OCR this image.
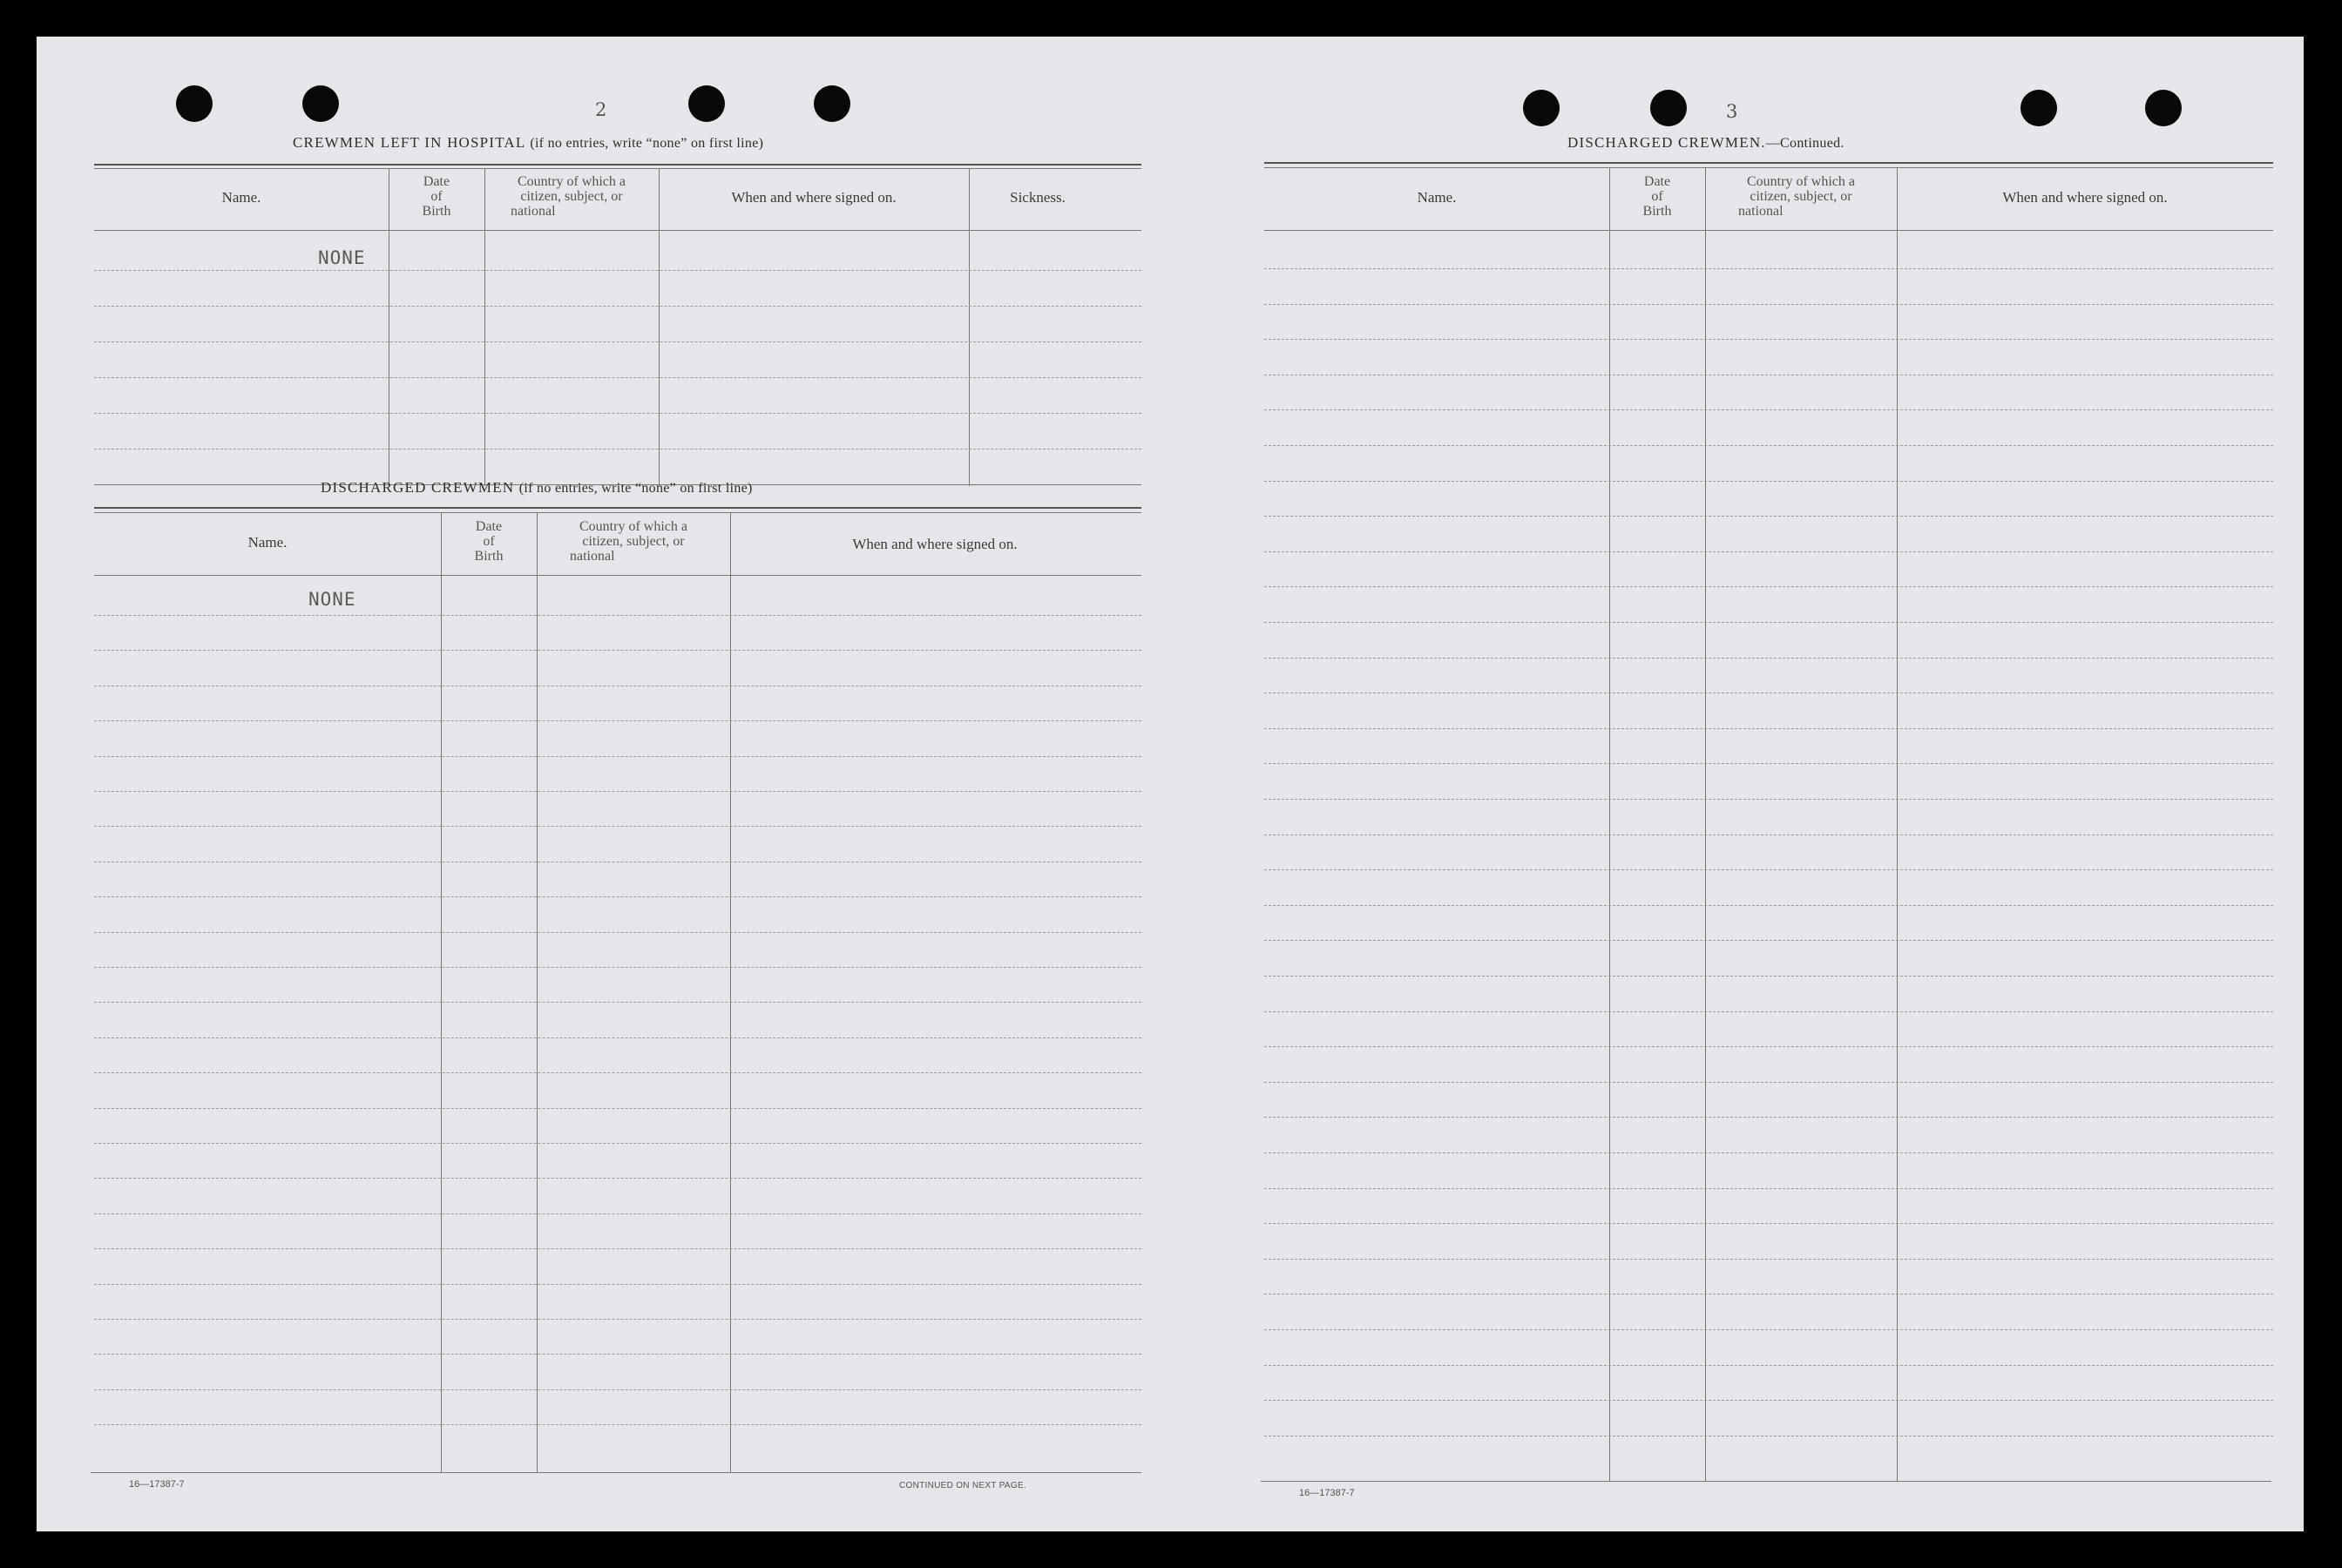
2
CREWMEN LEFT IN HOSPITAL (if no entries, write “none” on first line)
Name.
Date
of
Birth
Country of which a
citizen, subject, or
national
When and where signed on.	Sickness.
NONE
DISCHARGED CREWMEN (if no entries, write “none” on first line)
Name.
Date
of
Birth
Country of which a
citizen, subject, or
national
When and where signed on.
NONE
16—17387-7	CONTINUED ON NEXT PAGE.
3
DISCHARGED CREWMEN.—Continued.
Name.
Date
of
Birth
Country of which a
citizen, subject, or
national
When and where signed on.
16—17387-7
